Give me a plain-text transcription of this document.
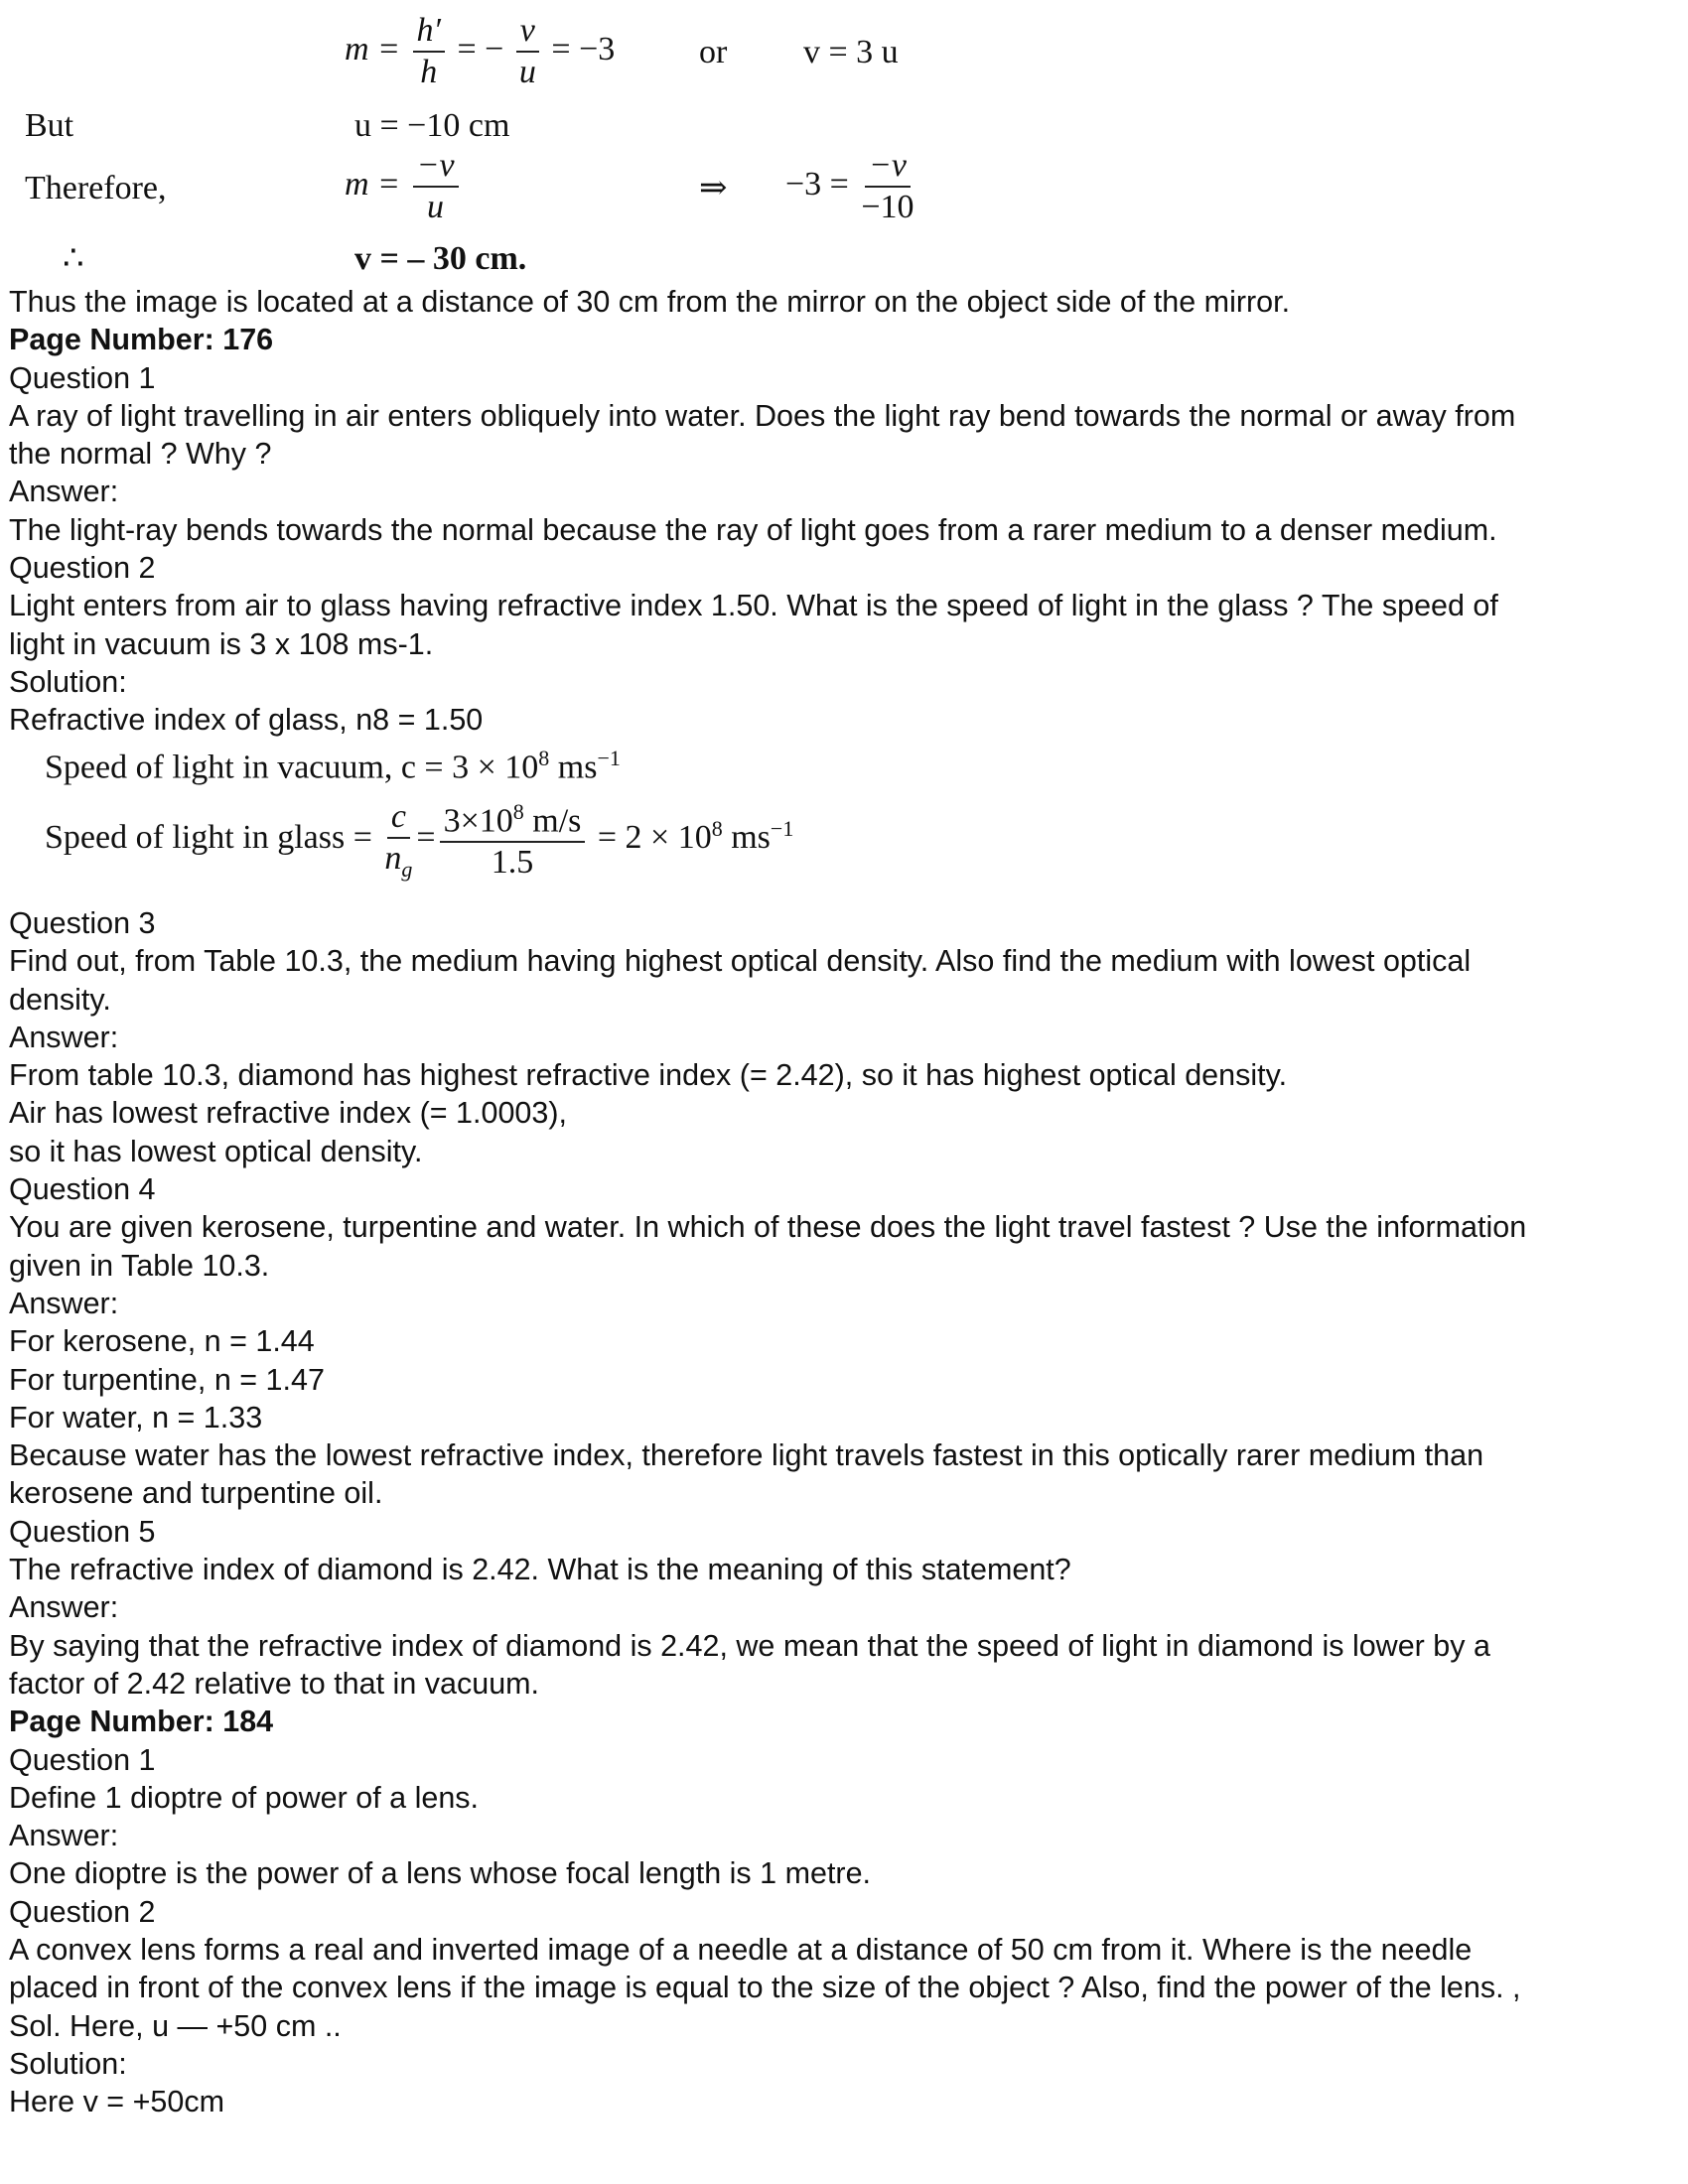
$m = \frac{h'}{h}$ = − $\frac{v}{u} = -3$ or v = 3 u
But	u = −10 cm
Therefore,	$m = \frac{-v}{u}$	⇒ $-3 = \frac{-v}{-10}$
∴	v = – 30 cm.
Thus the image is located at a distance of 30 cm from the mirror on the object side of the mirror.
Page Number: 176
Question 1
A ray of light travelling in air enters obliquely into water. Does the light ray bend towards the normal or away from
the normal ? Why ?
Answer:
The light-ray bends towards the normal because the ray of light goes from a rarer medium to a denser medium.
Question 2
Light enters from air to glass having refractive index 1.50. What is the speed of light in the glass ? The speed of
light in vacuum is 3 x 108 ms-1.
Solution:
Refractive index of glass, n8 = 1.50
Speed of light in vacuum, $c = 3 \times 10^8$ $ms^{-1}$
Speed of light in glass = $\frac{c}{n_g} = \frac{3\times 10^8 m/s}{1.5} = 2 \times 10^8$ $ms^{-1}$
Question 3
Find out, from Table 10.3, the medium having highest optical density. Also find the medium with lowest optical
density.
Answer:
From table 10.3, diamond has highest refractive index (= 2.42), so it has highest optical density.
Air has lowest refractive index (= 1.0003),
so it has lowest optical density.
Question 4
You are given kerosene, turpentine and water. In which of these does the light travel fastest ? Use the information
given in Table 10.3.
Answer:
For kerosene, n = 1.44
For turpentine, n = 1.47
For water, n = 1.33
Because water has the lowest refractive index, therefore light travels fastest in this optically rarer medium than
kerosene and turpentine oil.
Question 5
The refractive index of diamond is 2.42. What is the meaning of this statement?
Answer:
By saying that the refractive index of diamond is 2.42, we mean that the speed of light in diamond is lower by a
factor of 2.42 relative to that in vacuum.
Page Number: 184
Question 1
Define 1 dioptre of power of a lens.
Answer:
One dioptre is the power of a lens whose focal length is 1 metre.
Question 2
A convex lens forms a real and inverted image of a needle at a distance of 50 cm from it. Where is the needle
placed in front of the convex lens if the image is equal to the size of the object ? Also, find the power of the lens. ,
Sol. Here, u — +50 cm ..
Solution:
Here v = +50cm
